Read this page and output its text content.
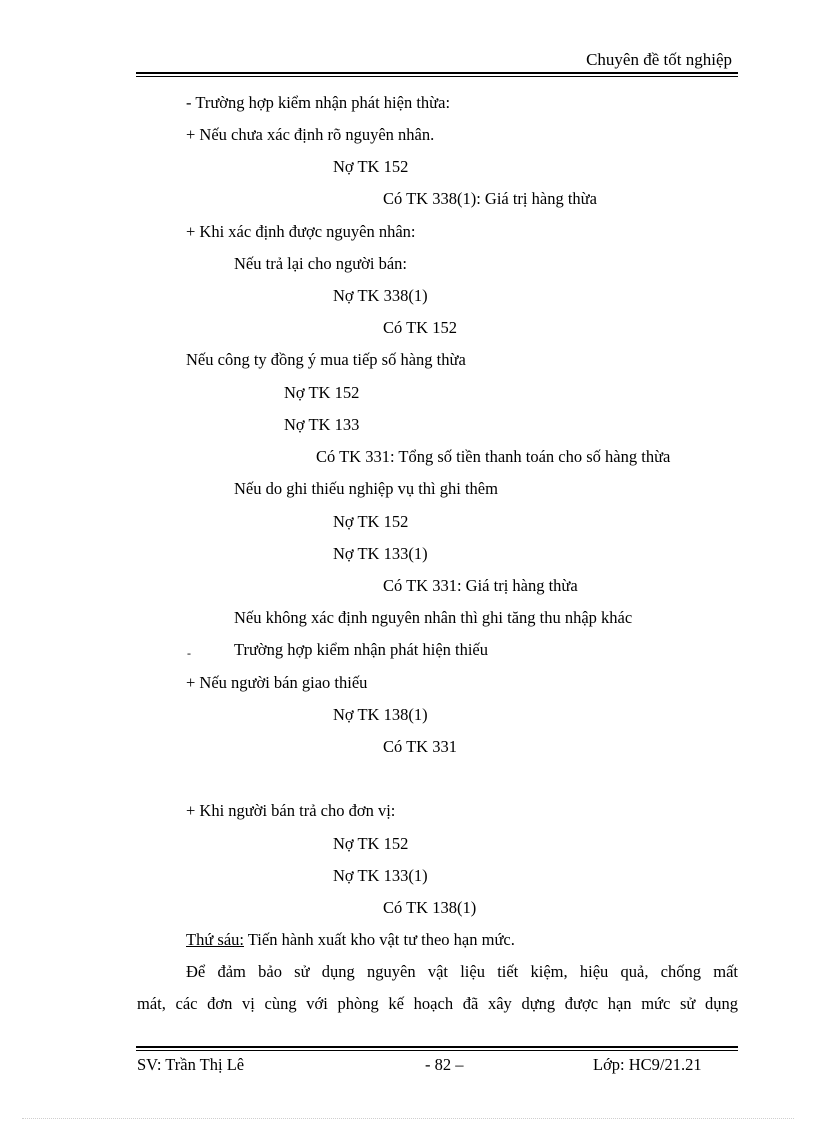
Chuyên đề tốt nghiệp
- Trường hợp kiểm nhận phát hiện thừa:
+ Nếu chưa xác định rõ nguyên nhân.
Nợ TK 152
Có TK 338(1): Giá trị hàng thừa
+ Khi xác định được nguyên nhân:
Nếu trả lại cho người bán:
Nợ TK 338(1)
Có TK 152
Nếu công ty đồng ý mua tiếp số hàng thừa
Nợ TK 152
Nợ TK 133
Có TK 331: Tổng số tiền thanh toán cho số hàng thừa
Nếu do ghi thiếu nghiệp vụ thì ghi thêm
Nợ TK 152
Nợ TK 133(1)
Có TK 331: Giá trị hàng thừa
Nếu không xác định nguyên nhân thì ghi tăng thu nhập khác
-	Trường hợp kiểm nhận phát hiện thiếu
+ Nếu người bán giao thiếu
Nợ TK 138(1)
Có TK 331
+ Khi người bán trả cho đơn vị:
Nợ TK 152
Nợ TK 133(1)
Có TK 138(1)
Thứ sáu: Tiến hành xuất kho vật tư theo hạn mức.
Để đảm bảo sử dụng nguyên vật liệu tiết kiệm, hiệu quả, chống mất
mát, các đơn vị cùng với phòng kế hoạch đã xây dựng được hạn mức sử dụng
SV: Trần Thị Lê	- 82 –	Lớp: HC9/21.21
